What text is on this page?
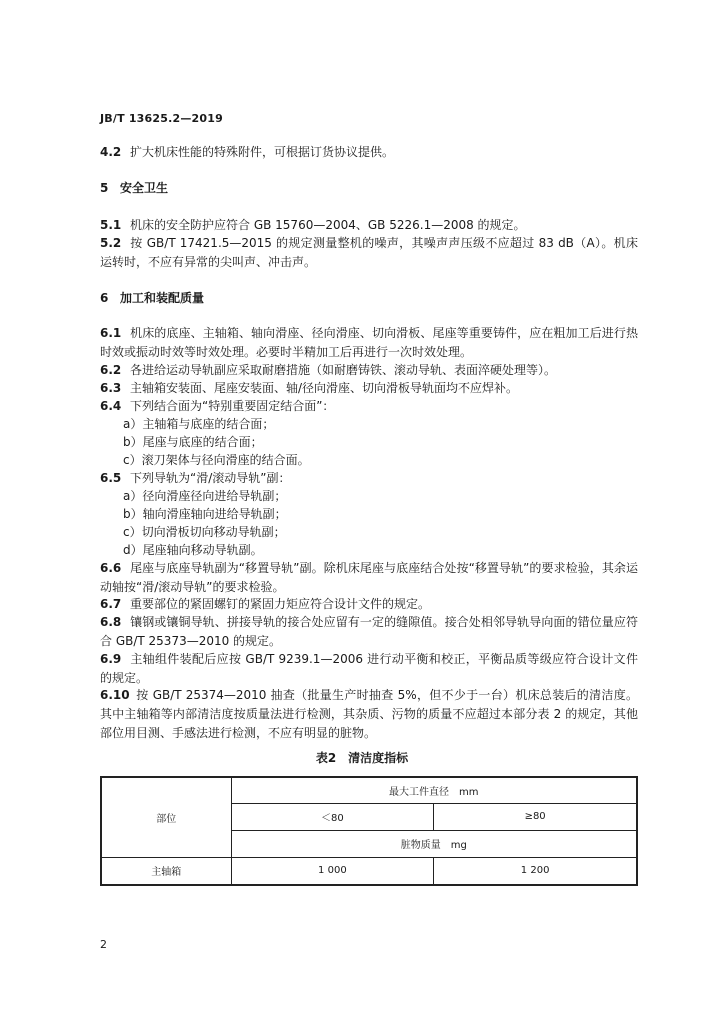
JB/T 13625.2—2019
4.2 扩大机床性能的特殊附件，可根据订货协议提供。
5 安全卫生
5.1 机床的安全防护应符合 GB 15760—2004、GB 5226.1—2008 的规定。
5.2 按 GB/T 17421.5—2015 的规定测量整机的噪声，其噪声声压级不应超过 83 dB（A）。机床运转时，不应有异常的尖叫声、冲击声。
6 加工和装配质量
6.1 机床的底座、主轴箱、轴向滑座、径向滑座、切向滑板、尾座等重要铸件，应在粗加工后进行热时效或振动时效等时效处理。必要时半精加工后再进行一次时效处理。
6.2 各进给运动导轨副应采取耐磨措施（如耐磨铸铁、滚动导轨、表面淬硬处理等）。
6.3 主轴箱安装面、尾座安装面、轴/径向滑座、切向滑板导轨面均不应焊补。
6.4 下列结合面为“特别重要固定结合面”：
a）主轴箱与底座的结合面；
b）尾座与底座的结合面；
c）滚刀架体与径向滑座的结合面。
6.5 下列导轨为“滑/滚动导轨”副：
a）径向滑座径向进给导轨副；
b）轴向滑座轴向进给导轨副；
c）切向滑板切向移动导轨副；
d）尾座轴向移动导轨副。
6.6 尾座与底座导轨副为“移置导轨”副。除机床尾座与底座结合处按“移置导轨”的要求检验，其余运动轴按“滑/滚动导轨”的要求检验。
6.7 重要部位的紧固螺钉的紧固力矩应符合设计文件的规定。
6.8 镶钢或镶铜导轨、拼接导轨的接合处应留有一定的缝隙值。接合处相邻导轨导向面的错位量应符合 GB/T 25373—2010 的规定。
6.9 主轴组件装配后应按 GB/T 9239.1—2006 进行动平衡和校正，平衡品质等级应符合设计文件的规定。
6.10 按 GB/T 25374—2010 抽查（批量生产时抽查 5%，但不少于一台）机床总装后的清洁度。其中主轴箱等内部清洁度按质量法进行检测，其杂质、污物的质量不应超过本部分表 2 的规定，其他部位用目测、手感法进行检测，不应有明显的脏物。
表2　清洁度指标
部位	最大工件直径　mm	
	＜80	≥80
	脏物质量　mg	
主轴箱	1 000	1 200
2
